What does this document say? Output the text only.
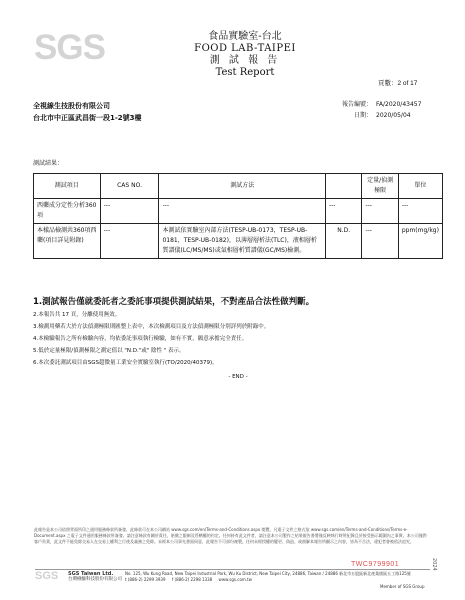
SGS	食品實驗室-台北
FOOD LAB-TAIPEI
測 試 報 告
Test Report
頁數：2 of 17
全視線生技股份有限公司
台北市中正區武昌街一段1-2號3樓
報告編號： FA/2020/43457
日期： 2020/05/04
測試結果：
測試項目	CAS NO.	測試方法		定量/偵測極限	單位
西藥成分定性分析360項	---	---	---	---	---
本樣品檢測共360項西藥(項目詳見附錄)	---	本測試依實驗室內部方法(TESP-UB-0173，TESP-UB-0181，TESP-UB-0182)，以薄層層析法(TLC)，液相層析質譜儀(LC/MS/MS)或氣相層析質譜儀(GC/MS)檢測。	N.D.	---	ppm(mg/kg)
1.測試報告僅就委託者之委託事項提供測試結果，不對產品合法性做判斷。
2.本報告共 17 頁，分離使用無效。
3.檢測用藥若大於方法偵測極限則匯整上表中，本次檢測項目及方法偵測極限分別詳列於附錄中。
4.本檢驗報告之所有檢驗內容，均依委託事項執行檢驗，如有不實，願意承擔完全責任。
5.低於定量極限/偵測極限之測定值以 "N.D."或" 陰性 " 表示。
6.本次委託測試項目由SGS超微量工業安全實驗室執行(TO/2020/40379)。
- END -
此報告是本公司依照背面所印之通用服務條款所簽發，此條款可在本公司網站 www.sgs.com/en/Terms-and-Conditions.aspx 閱覽，凡電子文件之格式依 www.sgs.com/en/Terms-and-Conditions/Terms-e-Document.aspx 之電子文件通用服務條款所簽發。請注意條款有關於責任、賠償之限制及管轄權的約定。任何持有此文件者，請注意本公司製作之結果報告書將僅反映執行時所紀錄且於接受指示範圍內之事實。本公司僅對客戶負責，此文件不能免除交易人在交易上權利之行使及義務之免除。未經本公司事先書面同意，此報告不可部份複製。任何未經授權的變更、偽造、或曲解本報告所顯示之內容，皆為不合法，違犯者會被依法追究。
TWC9799901
SGS SGS Taiwan Ltd.
台灣檢驗科技股份有限公司
No. 125, Wu Kung Road, New Taipei Industrial Park, Wu Ku District, New Taipei City, 24886, Taiwan / 24886 新北市五股區新北產業園區五工路125號
t (886-2) 2299 3939 f (886-2) 2298 1338 www.sgs.com.tw
Member of SGS Group
2024
